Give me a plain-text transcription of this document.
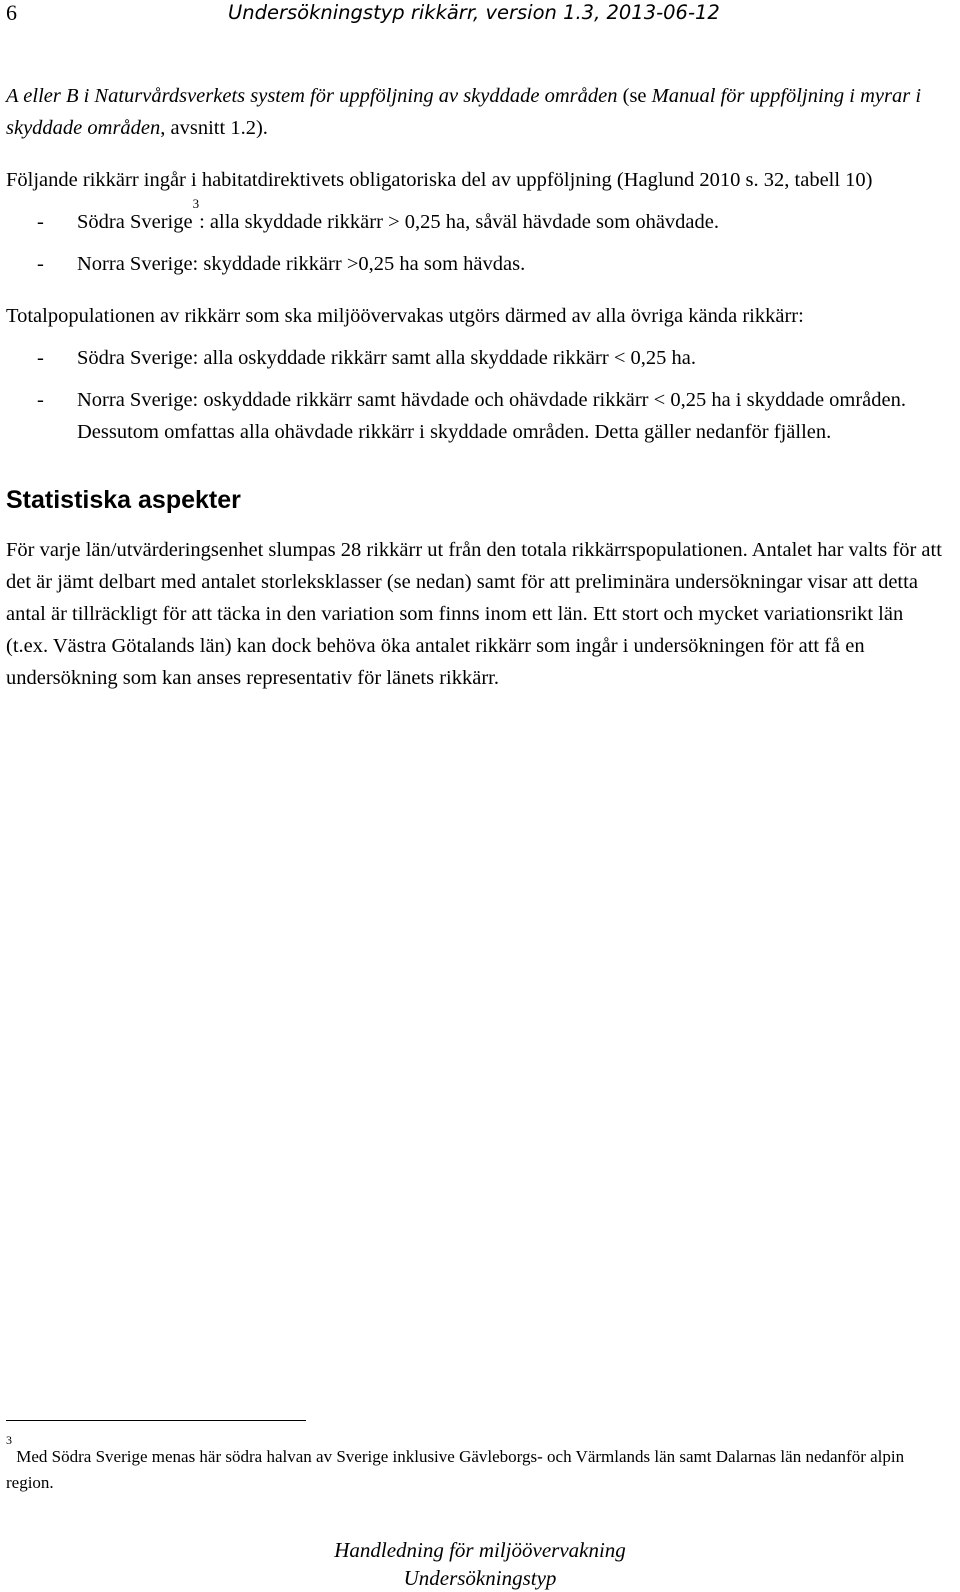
6	Undersökningstyp rikkärr, version 1.3, 2013-06-12

A eller B i Naturvårdsverkets system för uppföljning av skyddade områden (se Manual för uppföljning i myrar i skyddade områden, avsnitt 1.2).

Följande rikkärr ingår i habitatdirektivets obligatoriska del av uppföljning (Haglund 2010 s. 32, tabell 10)

- Södra Sverige$^3$: alla skyddade rikkärr > 0,25 ha, såväl hävdade som ohävdade.
- Norra Sverige: skyddade rikkärr >0,25 ha som hävdas.

Totalpopulationen av rikkärr som ska miljöövervakas utgörs därmed av alla övriga kända rikkärr:

- Södra Sverige: alla oskyddade rikkärr samt alla skyddade rikkärr < 0,25 ha.
- Norra Sverige: oskyddade rikkärr samt hävdade och ohävdade rikkärr < 0,25 ha i skyddade områden. Dessutom omfattas alla ohävdade rikkärr i skyddade områden. Detta gäller nedanför fjällen.
Statistiska aspekter

För varje län/utvärderingsenhet slumpas 28 rikkärr ut från den totala rikkärrspopulationen. Antalet har valts för att det är jämt delbart med antalet storleksklasser (se nedan) samt för att preliminära undersökningar visar att detta antal är tillräckligt för att täcka in den variation som finns inom ett län. Ett stort och mycket variationsrikt län (t.ex. Västra Götalands län) kan dock behöva öka antalet rikkärr som ingår i undersökningen för att få en undersökning som kan anses representativ för länets rikkärr.

$^3$ Med Södra Sverige menas här södra halvan av Sverige inklusive Gävleborgs- och Värmlands län samt Dalarnas län nedanför alpin region.
Handledning för miljöövervakning
Undersökningstyp
